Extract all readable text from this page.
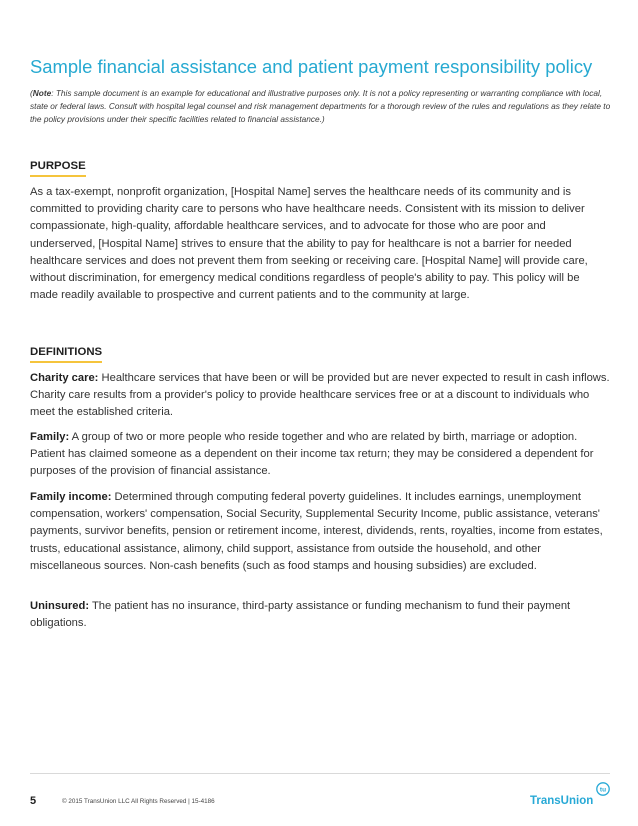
Sample financial assistance and patient payment responsibility policy
(Note: This sample document is an example for educational and illustrative purposes only. It is not a policy representing or warranting compliance with local, state or federal laws. Consult with hospital legal counsel and risk management departments for a thorough review of the rules and regulations as they relate to the policy provisions under their specific facilities related to financial assistance.)
PURPOSE
As a tax-exempt, nonprofit organization, [Hospital Name] serves the healthcare needs of its community and is committed to providing charity care to persons who have healthcare needs. Consistent with its mission to deliver compassionate, high-quality, affordable healthcare services, and to advocate for those who are poor and underserved, [Hospital Name] strives to ensure that the ability to pay for healthcare is not a barrier for needed healthcare services and does not prevent them from seeking or receiving care. [Hospital Name] will provide care, without discrimination, for emergency medical conditions regardless of people's ability to pay. This policy will be made readily available to prospective and current patients and to the community at large.
DEFINITIONS
Charity care: Healthcare services that have been or will be provided but are never expected to result in cash inflows. Charity care results from a provider's policy to provide healthcare services free or at a discount to individuals who meet the established criteria.
Family: A group of two or more people who reside together and who are related by birth, marriage or adoption. Patient has claimed someone as a dependent on their income tax return; they may be considered a dependent for purposes of the provision of financial assistance.
Family income: Determined through computing federal poverty guidelines. It includes earnings, unemployment compensation, workers' compensation, Social Security, Supplemental Security Income, public assistance, veterans' payments, survivor benefits, pension or retirement income, interest, dividends, rents, royalties, income from estates, trusts, educational assistance, alimony, child support, assistance from outside the household, and other miscellaneous sources. Non-cash benefits (such as food stamps and housing subsidies) are excluded.
Uninsured: The patient has no insurance, third-party assistance or funding mechanism to fund their payment obligations.
5	© 2015 TransUnion LLC All Rights Reserved | 15-4186	TransUnion
tu
